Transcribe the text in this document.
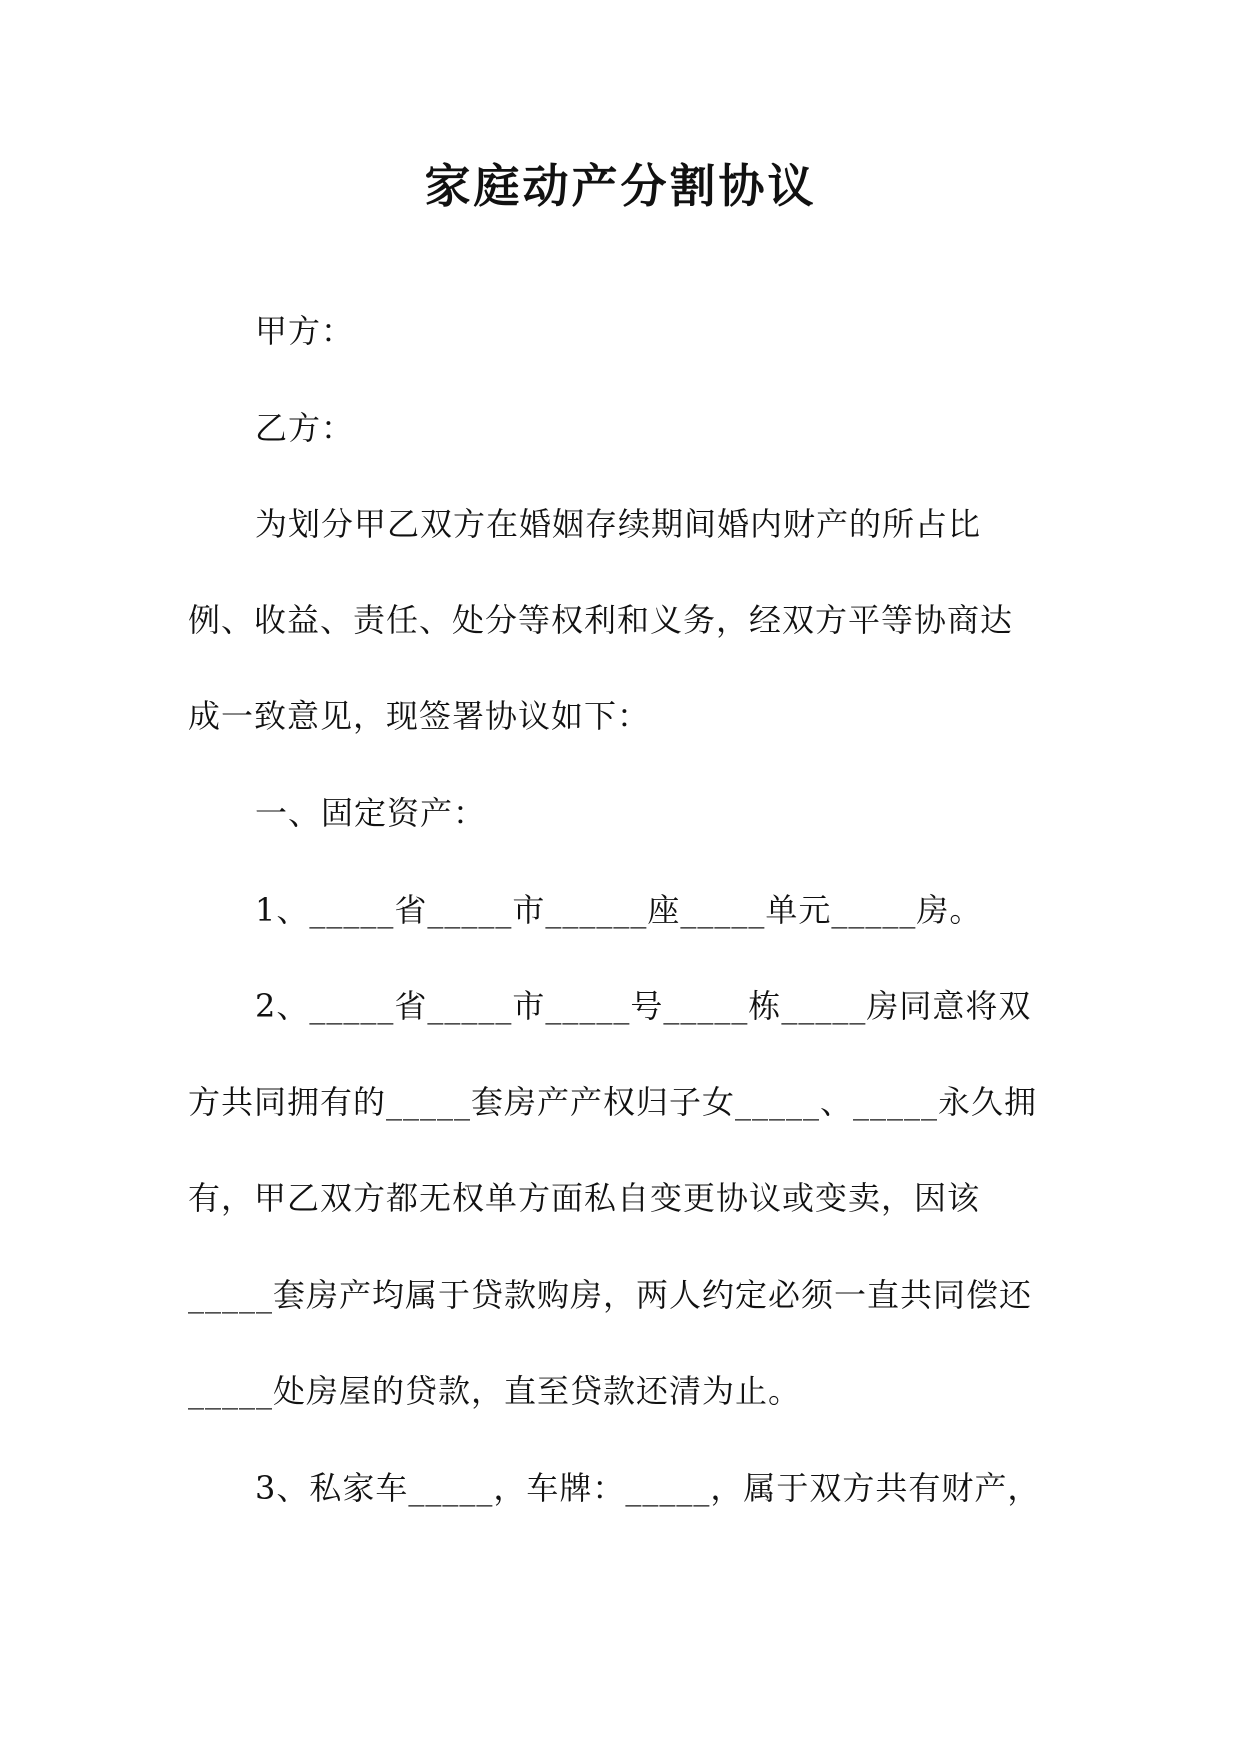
家庭动产分割协议
甲方：
乙方：
为划分甲乙双方在婚姻存续期间婚内财产的所占比
例、收益、责任、处分等权利和义务，经双方平等协商达
成一致意见，现签署协议如下：
一、固定资产：
1、_____省_____市______座_____单元_____房。
2、_____省_____市_____号_____栋_____房同意将双
方共同拥有的_____套房产产权归子女_____、_____永久拥
有，甲乙双方都无权单方面私自变更协议或变卖，因该
_____套房产均属于贷款购房，两人约定必须一直共同偿还
_____处房屋的贷款，直至贷款还清为止。
3、私家车_____，车牌：_____，属于双方共有财产，
